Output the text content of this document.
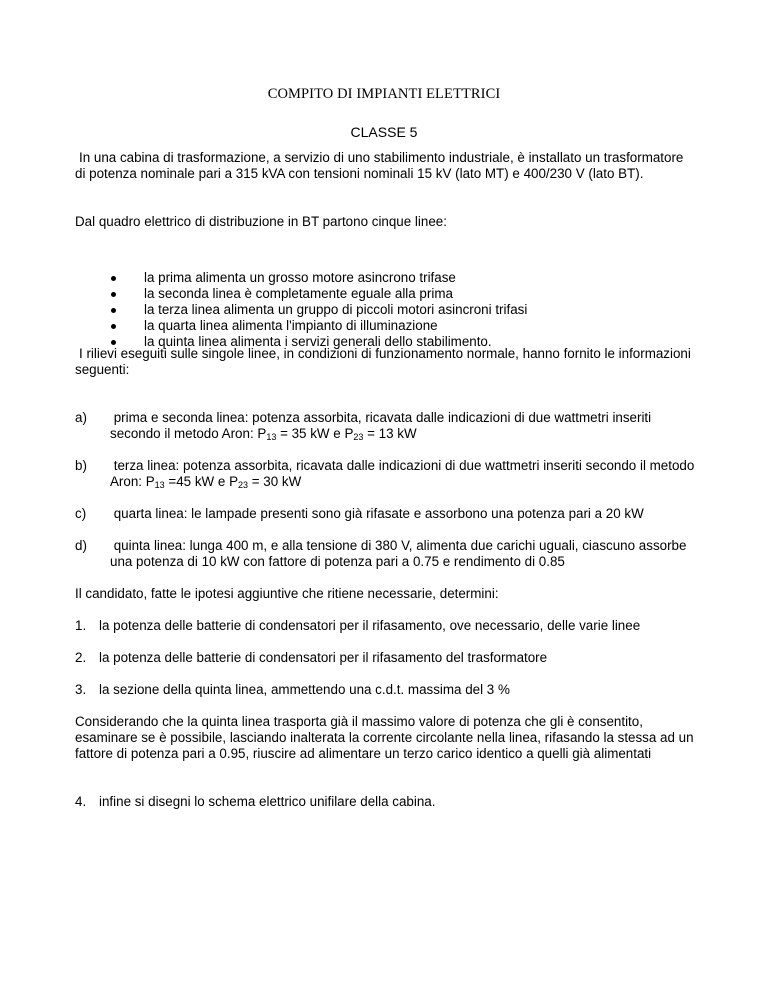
COMPITO DI IMPIANTI ELETTRICI
CLASSE 5
In una cabina di trasformazione, a servizio di uno stabilimento industriale, è installato un trasformatore di potenza nominale pari a 315 kVA con tensioni nominali 15 kV (lato MT) e 400/230 V (lato BT).
Dal quadro elettrico di distribuzione in BT partono cinque linee:
la prima alimenta un grosso motore asincrono trifase
la seconda linea è completamente eguale alla prima
la terza linea alimenta un gruppo di piccoli motori asincroni trifasi
la quarta linea alimenta l'impianto di illuminazione
la quinta linea alimenta i servizi generali dello stabilimento.
I rilievi eseguiti sulle singole linee, in condizioni di funzionamento normale, hanno fornito le informazioni seguenti:
a)	prima e seconda linea: potenza assorbita, ricavata dalle indicazioni di due wattmetri inseriti secondo il metodo Aron: $P_{13} = 35$ kW e $P_{23} = 13$ kW
b)	terza linea: potenza assorbita, ricavata dalle indicazioni di due wattmetri inseriti secondo il metodo Aron: $P_{13} =45$ kW e $P_{23} = 30$ kW
c)	quarta linea: le lampade presenti sono già rifasate e assorbono una potenza pari a 20 kW
d)	quinta linea: lunga 400 m, e alla tensione di 380 V, alimenta due carichi uguali, ciascuno assorbe una potenza di 10 kW con fattore di potenza pari a 0.75 e rendimento di 0.85
Il candidato, fatte le ipotesi aggiuntive che ritiene necessarie, determini:
1. la potenza delle batterie di condensatori per il rifasamento, ove necessario, delle varie linee
2. la potenza delle batterie di condensatori per il rifasamento del trasformatore
3. la sezione della quinta linea, ammettendo una c.d.t. massima del 3 %
Considerando che la quinta linea trasporta già il massimo valore di potenza che gli è consentito, esaminare se è possibile, lasciando inalterata la corrente circolante nella linea, rifasando la stessa ad un fattore di potenza pari a 0.95, riuscire ad alimentare un terzo carico identico a quelli già alimentati
4. infine si disegni lo schema elettrico unifilare della cabina.
